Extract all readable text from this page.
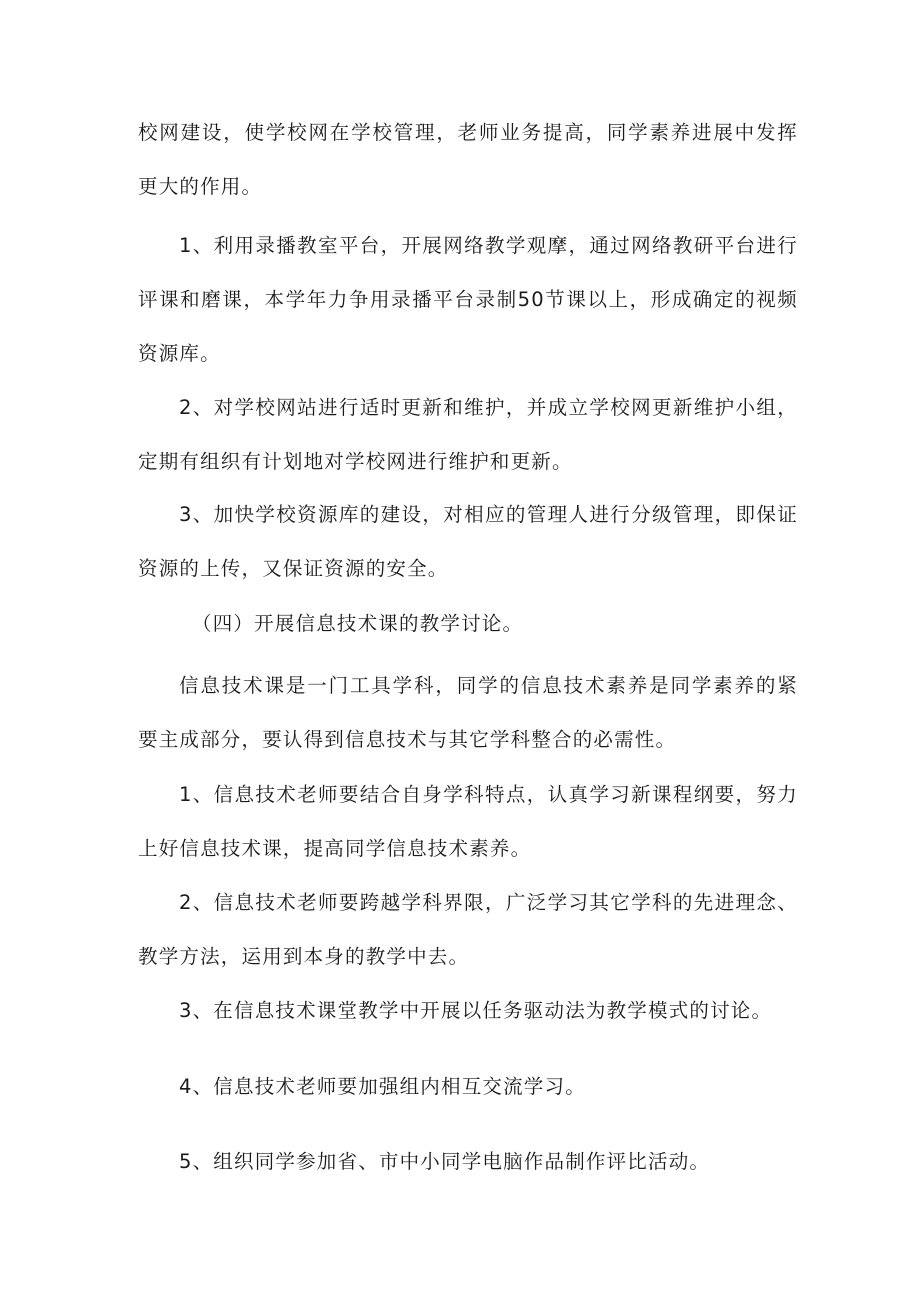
校网建设，使学校网在学校管理，老师业务提高，同学素养进展中发挥更大的作用。

1、利用录播教室平台，开展网络教学观摩，通过网络教研平台进行评课和磨课，本学年力争用录播平台录制50节课以上，形成确定的视频资源库。

2、对学校网站进行适时更新和维护，并成立学校网更新维护小组，定期有组织有计划地对学校网进行维护和更新。

3、加快学校资源库的建设，对相应的管理人进行分级管理，即保证资源的上传，又保证资源的安全。

（四）开展信息技术课的教学讨论。

信息技术课是一门工具学科，同学的信息技术素养是同学素养的紧要主成部分，要认得到信息技术与其它学科整合的必需性。

1、信息技术老师要结合自身学科特点，认真学习新课程纲要，努力上好信息技术课，提高同学信息技术素养。

2、信息技术老师要跨越学科界限，广泛学习其它学科的先进理念、教学方法，运用到本身的教学中去。

3、在信息技术课堂教学中开展以任务驱动法为教学模式的讨论。

4、信息技术老师要加强组内相互交流学习。

5、组织同学参加省、市中小同学电脑作品制作评比活动。
